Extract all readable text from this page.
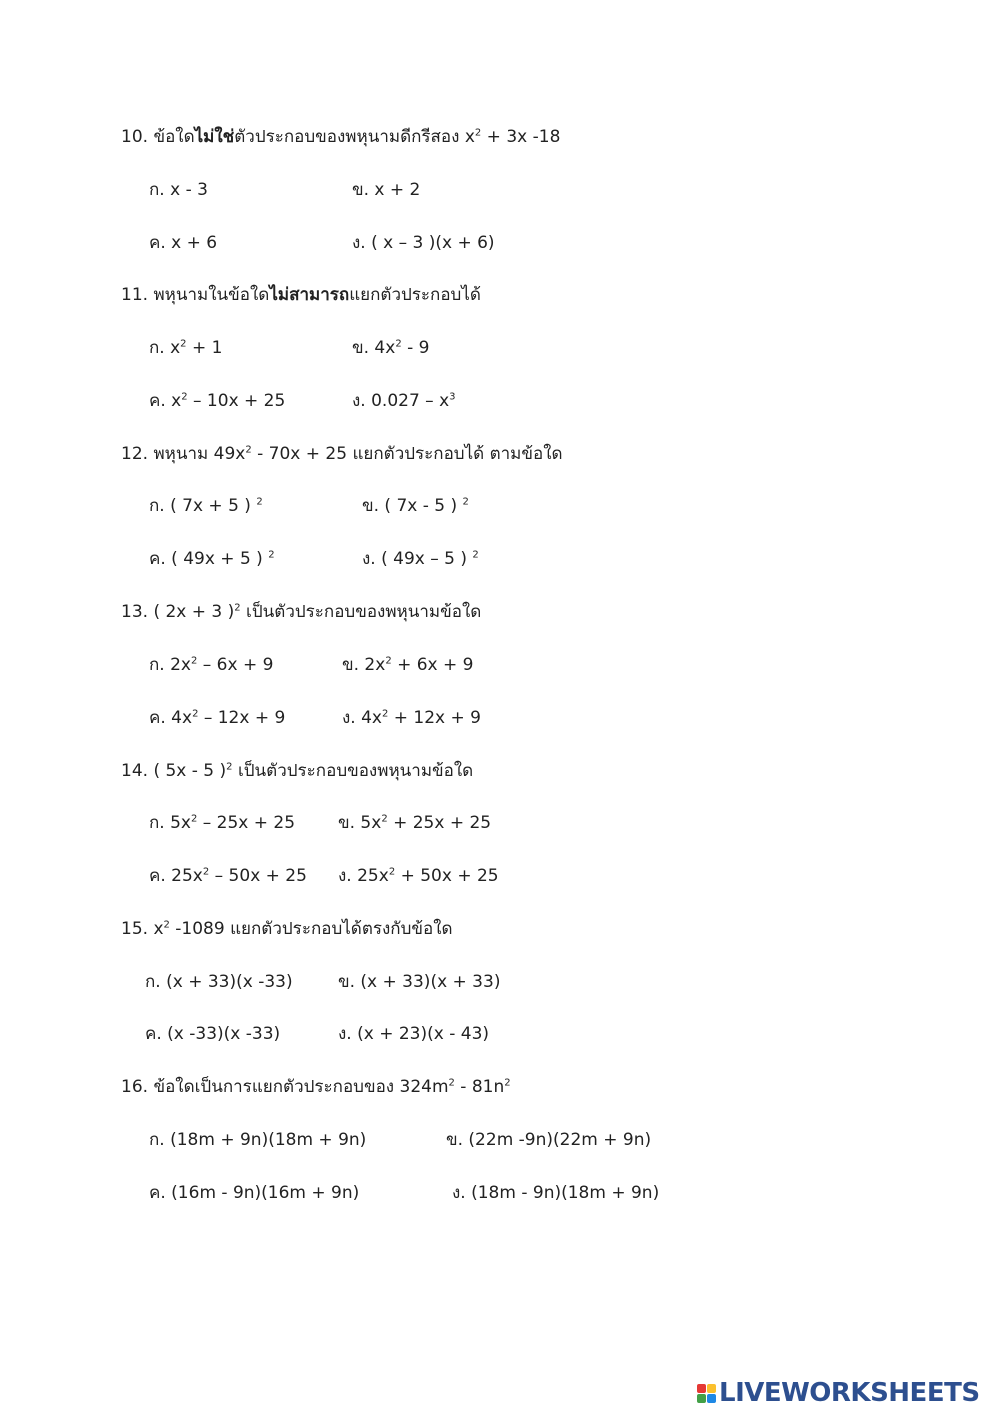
10. ข้อใดไม่ใช่ตัวประกอบของพหุนามดีกรีสอง $x^2 + 3x$ -18
ก. x - 3	ข. x + 2
ค. x + 6	ง. ( x – 3 )(x + 6)
11. พหุนามในข้อใดไม่สามารถแยกตัวประกอบได้
ก. $x^2 + 1$	ข. $4x^2 - 9$
ค. $x^2 - 10x + 25$	ง. $0.027 - x^3$
12. พหุนาม $49x^2 - 70x + 25$ แยกตัวประกอบได้ ตามข้อใด
ก. ( 7x + 5 ) $^2$	ข. ( 7x - 5 ) $^2$
ค. ( 49x + 5 ) $^2$	ง. ( 49x – 5 ) $^2$
13. ( 2x + 3 )$^2$ เป็นตัวประกอบของพหุนามข้อใด
ก. $2x^2 - 6x + 9$	ข. $2x^2 + 6x + 9$
ค. $4x^2 - 12x + 9$	ง. $4x^2 + 12x + 9$
14. ( 5x - 5 )$^2$ เป็นตัวประกอบของพหุนามข้อใด
ก. $5x^2 - 25x + 25$	ข. $5x^2 + 25x + 25$
ค. $25x^2 - 50x + 25$ ง. $25x^2 + 50x + 25$
15. $x^2$ -1089 แยกตัวประกอบได้ตรงกับข้อใด
ก. (x + 33)(x -33)	ข. (x + 33)(x + 33)
ค. (x -33)(x -33)	ง. (x + 23)(x - 43)
16. ข้อใดเป็นการแยกตัวประกอบของ $324m^2 - 81n^2$
ก. (18m + 9n)(18m + 9n)	ข. (22m -9n)(22m + 9n)
ค. (16m - 9n)(16m + 9n)	ง. (18m - 9n)(18m + 9n)
LIVEWORKSHEETS
